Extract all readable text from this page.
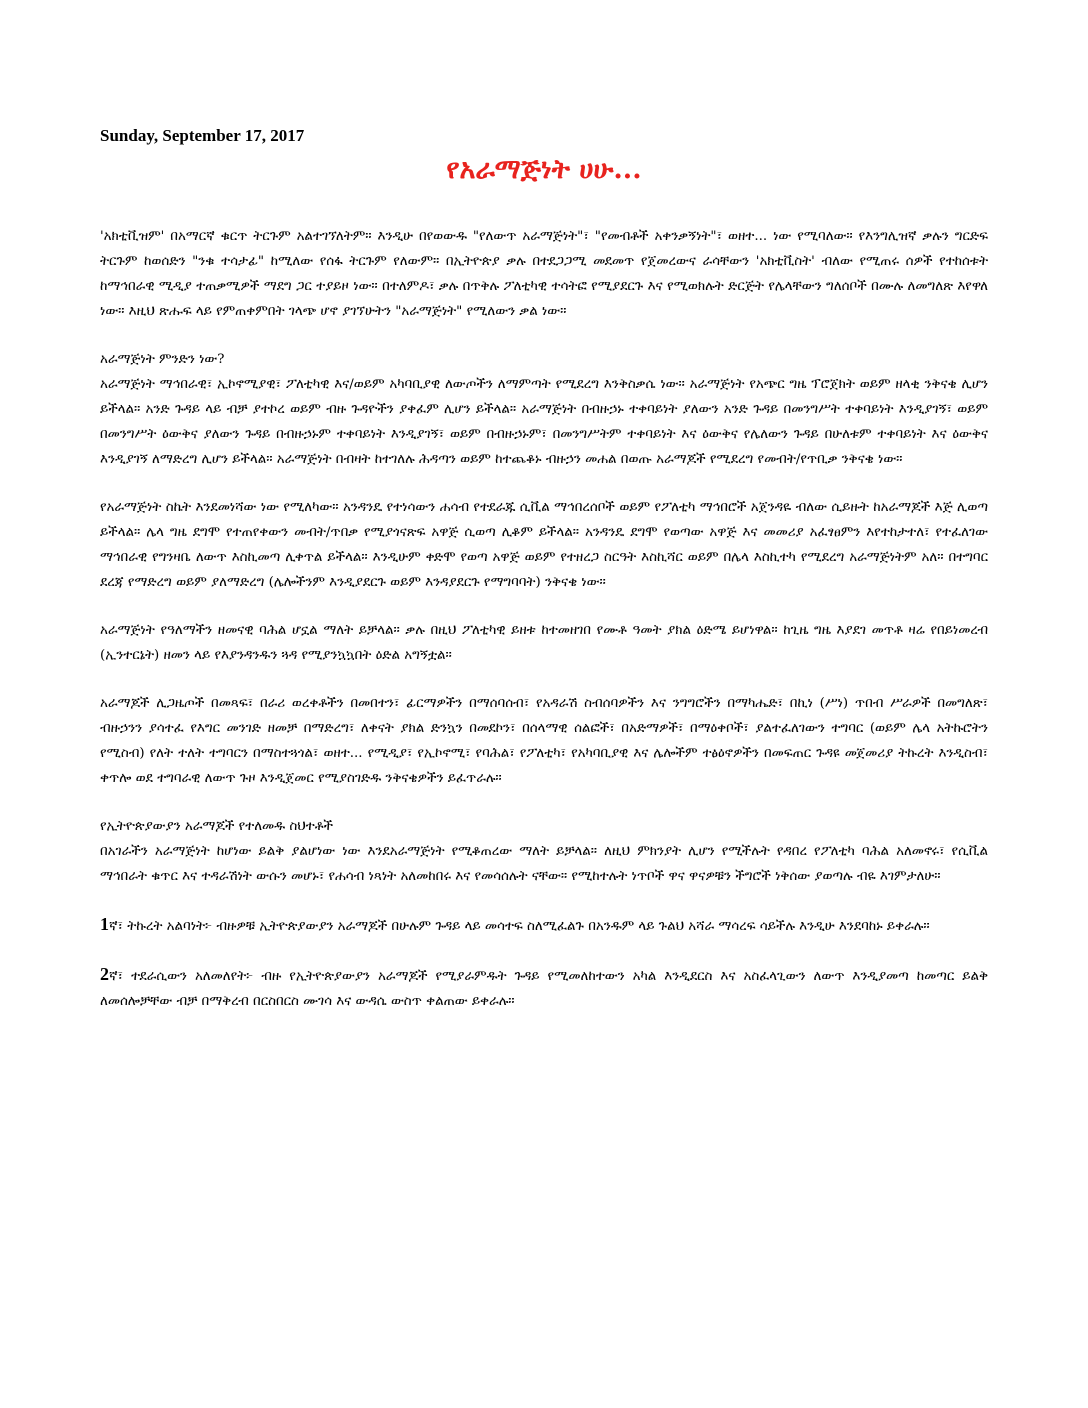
Sunday, September 17, 2017
የአራማጅነት ሀሁ...

'አክቲቪዝም' በአማርኛ ቁርጥ ትርጉም አልተገኘለትም። እንዲሁ በየወውዱ "የለውጥ አራማጅነት"፣ "የመብቶች አቀንቃኝነት"፣ ወዘተ... ነው የሚባለው። የእንግሊዝኛ ቃሉን ግርድፍ ትርጉም ከወሰድን "ንቁ ተሳታፊ" ከሚለው የሰፋ ትርጉም የለውም። በኢትዮጵያ ቃሉ በተደጋጋሚ መደመጥ የጀመረውና ራሳቸውን 'አክቲቪስት' ብለው የሚጠሩ ሰዎች የተከሰቱት ከማኅበራዊ ሚዲያ ተጠቃሚዎች ማደግ ጋር ተያይዞ ነው። በተለምዶ፣ ቃሉ በጥቅሉ ፖለቲካዊ ተሳትፎ የሚያደርጉ እና የሚወክሉት ድርጅት የሌላቸውን ግለሰቦች በሙሉ ለመግለጽ እየዋለ ነው። እዚህ ጽሑፍ ላይ የምጠቀምበት ገላጭ ሆኖ ያገኘሁትን "አራማጅነት" የሚለውን ቃል ነው።

አራማጅነት ምንድን ነው?

አራማጅነት ማኅበራዊ፣ ኢኮኖሚያዊ፣ ፖለቲካዊ እና/ወይም አካባቢያዊ ለውጦችን ለማምጣት የሚደረግ እንቅስቃሴ ነው። አራማጅነት የአጭር ግዜ ፕሮጀክት ወይም ዘላቂ ንቅናቄ ሊሆን ይችላል። አንድ ጉዳይ ላይ ብቻ ያተኮረ ወይም ብዙ ጉዳዮችን ያቀፈም ሊሆን ይችላል። አራማጅነት በብዙኃኑ ተቀባይነት ያለውን አንድ ጉዳይ በመንግሥት ተቀባይነት እንዲያገኝ፣ ወይም በመንግሥት ዕውቅና ያለውን ጉዳይ በብዙኃኑም ተቀባይነት እንዲያገኝ፣ ወይም በብዙኃኑም፣ በመንግሥትም ተቀባይነት እና ዕውቅና የሌለውን ጉዳይ በሁለቱም ተቀባይነት እና ዕውቅና እንዲያገኝ ለማድረግ ሊሆን ይችላል። አራማጅነት በብዛት ከተገለሉ ሕዳጣን ወይም ከተጨቆኑ ብዙኃን መሐል በወጡ አራማጆች የሚደረግ የመብት/የጥቢቃ ንቅናቄ ነው።

የአራማጅነት ስኬት እንደመነሻው ነው የሚለካው። አንዳንዴ የተነሳውን ሐሳብ የተደራጁ ሲቪል ማኅበረሰቦች ወይም የፖለቲካ ማኅበሮች አጀንዳዬ ብለው ሲይዙት ከአራማጆች እጅ ሊወጣ ይችላል። ሌላ ግዜ ደግሞ የተጠየቀውን መብት/ጥበቃ የሚያጎናጽፍ አዋጅ ሲወጣ ሊቆም ይችላል። አንዳንዴ ደግሞ የወጣው አዋጅ እና መመሪያ አፈፃፀምን እየተከታተለ፣ የተፈለገው ማኅበራዊ የግንዛቤ ለውጥ እስኪመጣ ሊቀጥል ይችላል። እንዲሁም ቀድሞ የወጣ አዋጅ ወይም የተዘረጋ ስርዓት እስኪሻር ወይም በሌላ እስኪተካ የሚደረግ አራማጅነትም አለ። በተግባር ደረጃ የማድረግ ወይም ያለማድረግ (ሌሎችንም እንዲያደርጉ ወይም እንዳያደርጉ የማግባባት) ንቅናቄ ነው።

አራማጅነት የዓለማችን ዘመናዊ ባሕል ሆኗል ማለት ይቻላል። ቃሉ በዚህ ፖለቲካዊ ይዘቱ ከተመዘገበ የሙቶ ዓመት ያክል ዕድሜ ይሆነዋል። ከጊዜ ግዜ እያደገ መጥቶ ዛሬ የበይነመረብ (ኢንተርኔት) ዘመን ላይ የእያንዳንዱን ጓዳ የሚያንኳኳበት ዕድል አግኝቷል።

አራማጆች ሊጋዜጦች በመጻፍ፣ በራሪ ወረቀቶችን በመበተን፣ ፊርማዎችን በማሰባሰብ፣ የአዳራሽ ስብሰባዎችን እና ንግግሮችን በማካሔድ፣ በኪነ (ሥነ) ጥበብ ሥራዎች በመግለጽ፣ ብዙኃንን ያሳተፈ የእግር መንገድ ዘመቻ በማድረግ፣ ለቀናት ያክል ድንኳን በመደኮን፣ በሰላማዊ ሰልፎች፣ በአድማዎች፣ በማዕቀቦች፣ ያልተፈለገውን ተግባር (ወይም ሌላ አትኩሮትን የሚስብ) የለት ተለት ተግባርን በማስተጓጎል፣ ወዘተ... የሚዲያ፣ የኢኮኖሚ፣ የባሕል፣ የፖለቲካ፣ የአካባቢያዊ እና ሌሎችም ተፅዕኖዎችን በመፍጠር ጉዳዩ መጀመሪያ ትኩረት እንዲስብ፣ ቀጥሎ ወደ ተግባራዊ ለውጥ ጉዞ እንዲጀመር የሚያስገድዱ ንቅናቄዎችን ይፈጥራሉ።

የኢትዮጵያውያን አራማጆች የተለመዱ ስህተቶች

በአገራችን አራማጅነት ከሆነው ይልቅ ያልሆነው ነው እንደአራማጅነት የሚቆጠረው ማለት ይቻላል። ለዚህ ምክንያት ሊሆን የሚችሉት የዳበረ የፖለቲካ ባሕል አለመኖሩ፣ የሲቪል ማኅበራት ቁጥር እና ተዳራሽነት ውሱን መሆኑ፣ የሐሳብ ነጻነት አለመከበሩ እና የመሳሰሉት ናቸው። የሚከተሉት ነጥቦች ዋና ዋናዎቹን ችግሮች ነቅሰው ያወጣሉ ብዬ እገምታለሁ።

1ኛ፣ ትኩረት አልባነት፦ ብዙዎቹ ኢትዮጵያውያን አራማጆች በሁሉም ጉዳይ ላይ መሳተፍ ስለሚፈልጉ በአንዱም ላይ ጉልህ አሻራ ማሳረፍ ሳይችሉ እንዲሁ እንደባከኑ ይቀራሉ።

2ኛ፣ ተደራሲውን አለመለየት፦ ብዙ የኢትዮጵያውያን አራማጆች የሚያራምዱት ጉዳይ የሚመለከተውን አካል እንዲደርስ እና አስፈላጊውን ለውጥ እንዲያመጣ ከመጣር ይልቅ ለመሰሎቻቸው ብቻ በማቅረብ በርስበርስ ሙገሳ እና ውዳሴ ውስጥ ቀልጠው ይቀራሉ።
